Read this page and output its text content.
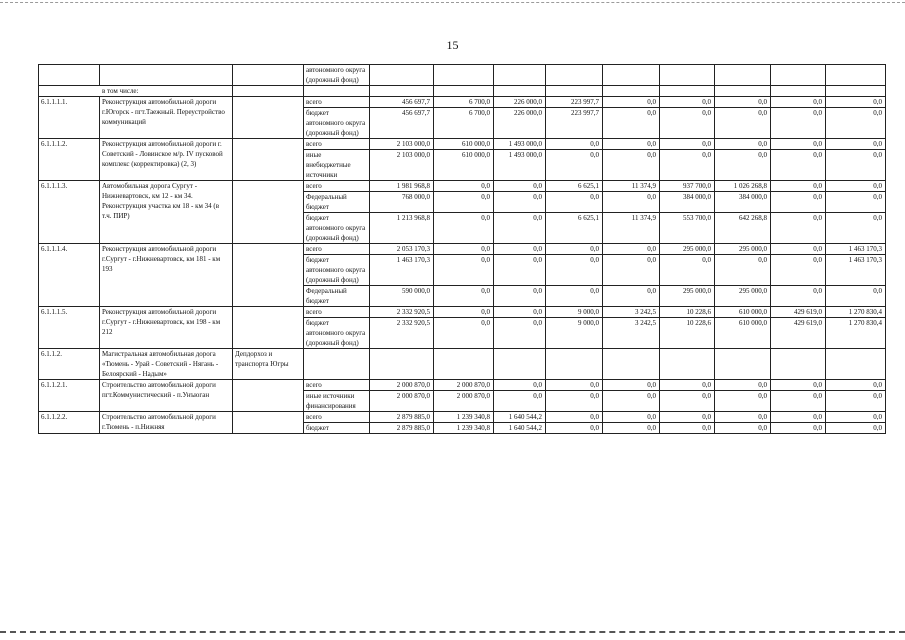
15
			автономного округа (дорожный фонд)									
	в том числе:											
6.1.1.1.1.	Реконструкция автомобильной дороги г.Югорск - пгт.Таежный. Переустройство коммуникаций		всего	456 697,7	6 700,0	226 000,0	223 997,7	0,0	0,0	0,0	0,0	0,0
			бюджет автономного округа (дорожный фонд)	456 697,7	6 700,0	226 000,0	223 997,7	0,0	0,0	0,0	0,0	0,0
6.1.1.1.2.	Реконструкция автомобильной дороги г. Советский - Ловинское м/р. IV пусковой комплекс (корректировка) (2, 3)		всего	2 103 000,0	610 000,0	1 493 000,0	0,0	0,0	0,0	0,0	0,0	0,0
			иные внебюджетные источники	2 103 000,0	610 000,0	1 493 000,0	0,0	0,0	0,0	0,0	0,0	0,0
6.1.1.1.3.	Автомобильная дорога Сургут - Нижневартовск, км 12 - км 34. Реконструкция участка км 18 - км 34 (в т.ч. ПИР)		всего	1 981 968,8	0,0	0,0	6 625,1	11 374,9	937 700,0	1 026 268,8	0,0	0,0
			Федеральный бюджет	768 000,0	0,0	0,0	0,0	0,0	384 000,0	384 000,0	0,0	0,0
			бюджет автономного округа (дорожный фонд)	1 213 968,8	0,0	0,0	6 625,1	11 374,9	553 700,0	642 268,8	0,0	0,0
6.1.1.1.4.	Реконструкция автомобильной дороги г.Сургут - г.Нижневартовск, км 181 - км 193		всего	2 053 170,3	0,0	0,0	0,0	0,0	295 000,0	295 000,0	0,0	1 463 170,3
			бюджет автономного округа (дорожный фонд)	1 463 170,3	0,0	0,0	0,0	0,0	0,0	0,0	0,0	1 463 170,3
			Федеральный бюджет	590 000,0	0,0	0,0	0,0	0,0	295 000,0	295 000,0	0,0	0,0
6.1.1.1.5.	Реконструкция автомобильной дороги г.Сургут - г.Нижневартовск, км 198 - км 212		всего	2 332 920,5	0,0	0,0	9 000,0	3 242,5	10 228,6	610 000,0	429 619,0	1 270 830,4
			бюджет автономного округа (дорожный фонд)	2 332 920,5	0,0	0,0	9 000,0	3 242,5	10 228,6	610 000,0	429 619,0	1 270 830,4
6.1.1.2.	Магистральная автомобильная дорога «Тюмень - Урай - Советский - Нягань - Белоярский - Надым»	Депдорхоз и транспорта Югры										
6.1.1.2.1.	Строительство автомобильной дороги пгт.Коммунистический - п.Унъюган		всего	2 000 870,0	2 000 870,0	0,0	0,0	0,0	0,0	0,0	0,0	0,0
			иные источники финансирования	2 000 870,0	2 000 870,0	0,0	0,0	0,0	0,0	0,0	0,0	0,0
6.1.1.2.2.	Строительство автомобильной дороги г.Тюмень - п.Нижняя		всего	2 879 885,0	1 239 340,8	1 640 544,2	0,0	0,0	0,0	0,0	0,0	0,0
			бюджет	2 879 885,0	1 239 340,8	1 640 544,2	0,0	0,0	0,0	0,0	0,0	0,0
